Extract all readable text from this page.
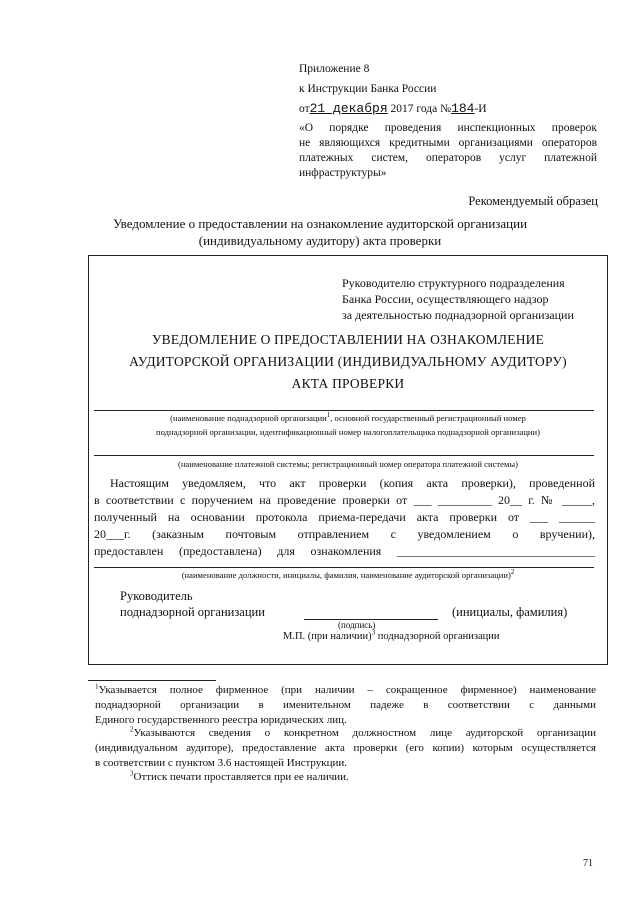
Приложение 8
к Инструкции Банка России
от21 декабря 2017 года №184-И
«О порядке проведения инспекционных проверок
не являющихся кредитными организациями операторов
платежных систем, операторов услуг платежной
инфраструктуры»
Рекомендуемый образец
Уведомление о предоставлении на ознакомление аудиторской организации
(индивидуальному аудитору) акта проверки
Руководителю структурного подразделения
Банка России, осуществляющего надзор
за деятельностью поднадзорной организации
УВЕДОМЛЕНИЕ О ПРЕДОСТАВЛЕНИИ НА ОЗНАКОМЛЕНИЕ
АУДИТОРСКОЙ ОРГАНИЗАЦИИ (ИНДИВИДУАЛЬНОМУ АУДИТОРУ)
АКТА ПРОВЕРКИ
(наименование поднадзорной организации$^1$, основной государственный регистрационный номер
поднадзорной организации, идентификационный номер налогоплательщика поднадзорной организации)
(наименование платежной системы; регистрационный номер оператора платежной системы)
Настоящим уведомляем, что акт проверки (копия акта проверки), проведенной
в соответствии с поручением на проведение проверки от ___ _________ 20__ г. № _____,
полученный на основании протокола приема-передачи акта проверки от ___ ______
20___г. (заказным почтовым отправлением с уведомлением о вручении),
предоставлен (предоставлена) для ознакомления _________________________________
(наименование должности, инициалы, фамилия, наименование аудиторской организации)$^2$
Руководитель
поднадзорной организации	(инициалы, фамилия)
(подпись)
М.П. (при наличии)$^3$ поднадзорной организации
$^1$Указывается полное фирменное (при наличии – сокращенное фирменное) наименование
поднадзорной организации в именительном падеже в соответствии с данными
Единого государственного реестра юридических лиц.
$^2$Указываются сведения о конкретном должностном лице аудиторской организации
(индивидуальном аудиторе), предоставление акта проверки (его копии) которым осуществляется
в соответствии с пунктом 3.6 настоящей Инструкции.
$^3$Оттиск печати проставляется при ее наличии.
71
